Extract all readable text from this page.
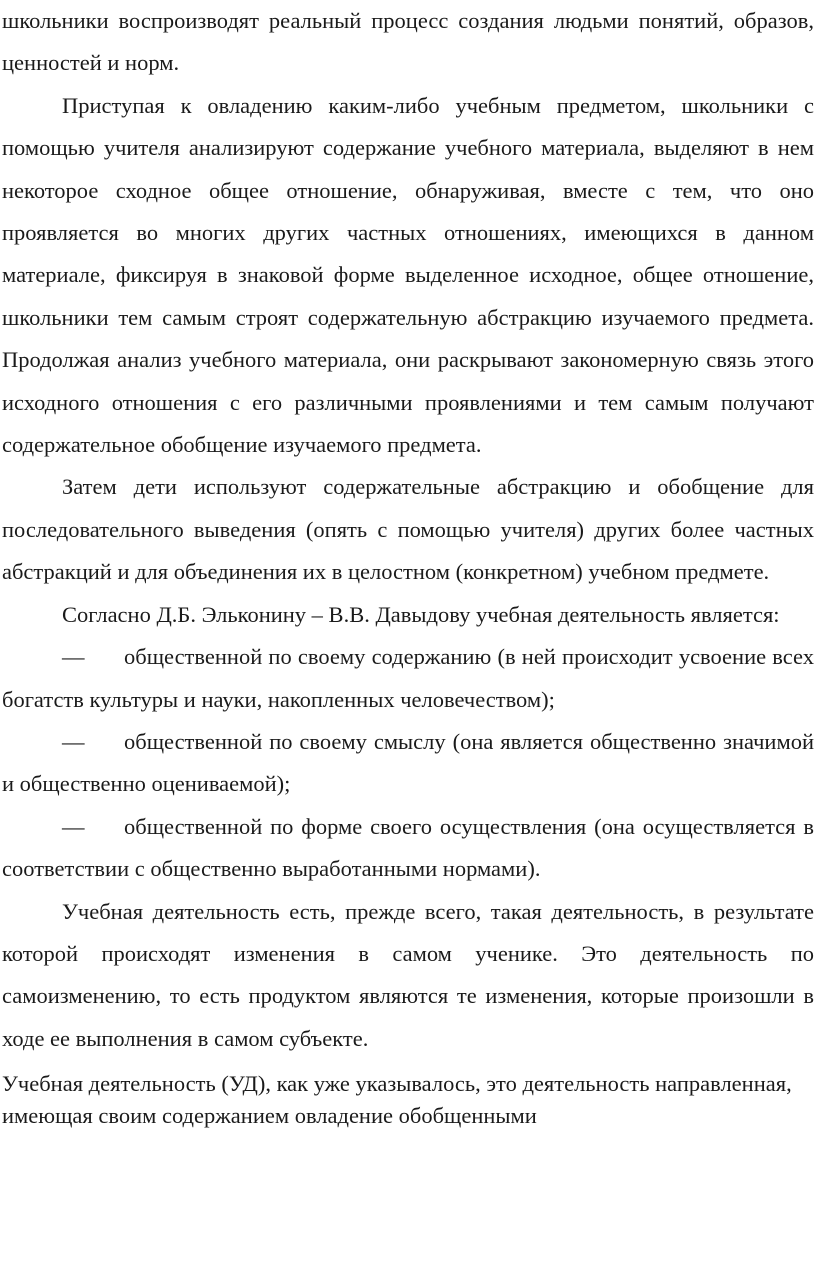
школьники воспроизводят реальный процесс создания людьми понятий, образов, ценностей и норм.

Приступая к овладению каким-либо учебным предметом, школьники с помощью учителя анализируют содержание учебного материала, выделяют в нем некоторое сходное общее отношение, обнаруживая, вместе с тем, что оно проявляется во многих других частных отношениях, имеющихся в данном материале, фиксируя в знаковой форме выделенное исходное, общее отношение, школьники тем самым строят содержательную абстракцию изучаемого предмета. Продолжая анализ учебного материала, они раскрывают закономерную связь этого исходного отношения с его различными проявлениями и тем самым получают содержательное обобщение изучаемого предмета.

Затем дети используют содержательные абстракцию и обобщение для последовательного выведения (опять с помощью учителя) других более частных абстракций и для объединения их в целостном (конкретном) учебном предмете.

Согласно Д.Б. Эльконину – В.В. Давыдову учебная деятельность является:

— общественной по своему содержанию (в ней происходит усвоение всех богатств культуры и науки, накопленных человечеством);

— общественной по своему смыслу (она является общественно значимой и общественно оцениваемой);

— общественной по форме своего осуществления (она осуществляется в соответствии с общественно выработанными нормами).

Учебная деятельность есть, прежде всего, такая деятельность, в результате которой происходят изменения в самом ученике. Это деятельность по самоизменению, то есть продуктом являются те изменения, которые произошли в ходе ее выполнения в самом субъекте.

Учебная деятельность (УД), как уже указывалось, это деятельность направленная, имеющая своим содержанием овладение обобщенными
